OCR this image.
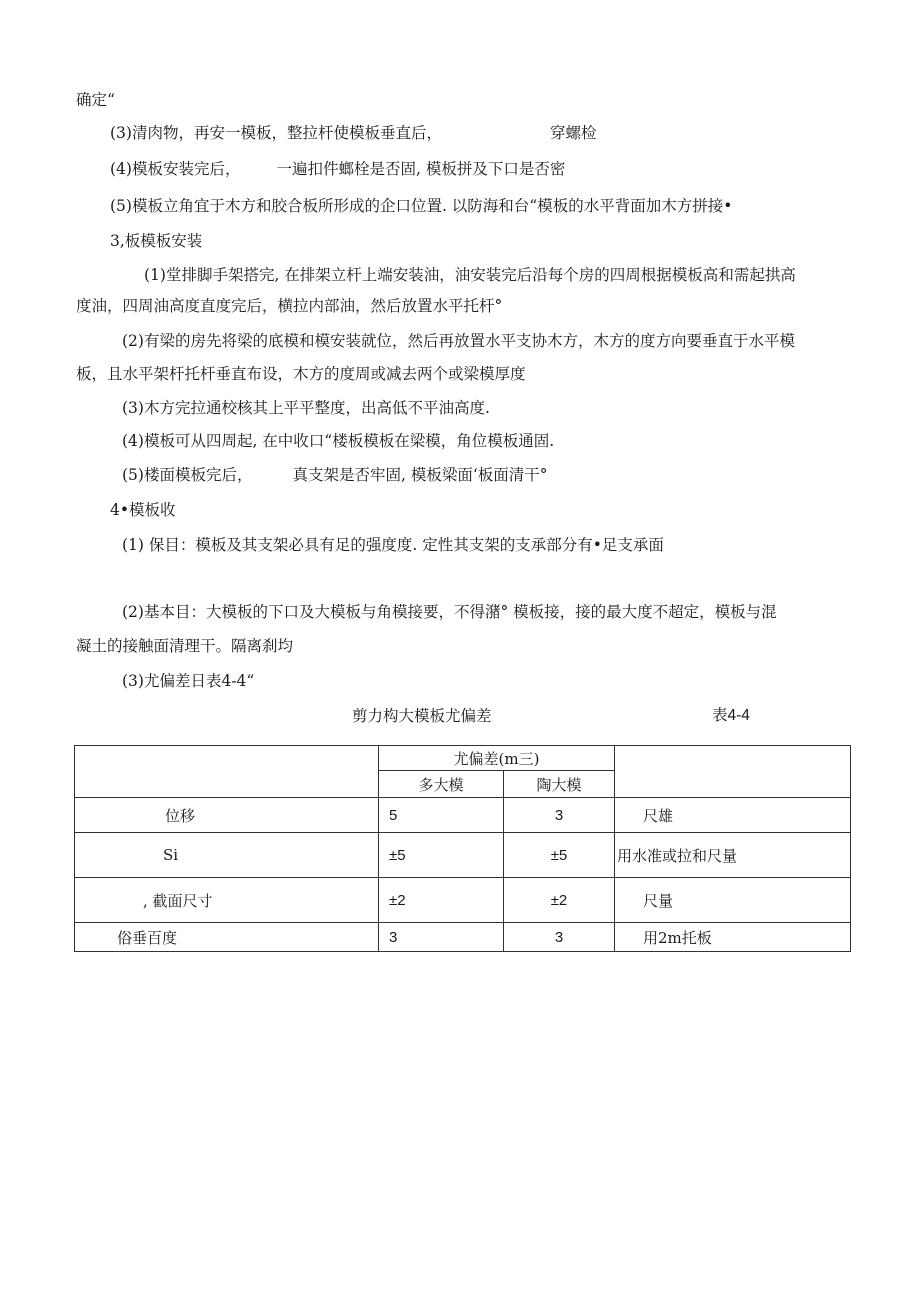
确定“
(3)清肉物，再安一模板，整拉杆使模板垂直后，	穿螺检
(4)模板安装完后， 一遍扣件螂栓是否固, 模板拼及下口是否密
(5)模板立角宜于木方和胶合板所形成的企口位置. 以防海和台“模板的水平背面加木方拼接•
3,板模板安装
(1)堂排脚手架搭完, 在排架立杆上端安装油，油安装完后沿每个房的四周根据模板高和需起拱高
度油，四周油高度直度完后，横拉内部油，然后放置水平托杆°
(2)有梁的房先将梁的底模和模安装就位，然后再放置水平支协木方，木方的度方向要垂直于水平模
板，且水平架杆托杆垂直布设，木方的度周或减去两个或梁模厚度
(3)木方完拉通校核其上平平整度，出高低不平油高度.
(4)模板可从四周起, 在中收口“楼板模板在梁模，角位模板通固.
(5)楼面模板完后，	真支架是否牢固, 模板梁面‘板面清干°
4•模板收
(1) 保目：模板及其支架必具有足的强度度. 定性其支架的支承部分有•足支承面
(2)基本目：大模板的下口及大模板与角模接要，不得潴° 模板接，接的最大度不超定，模板与混
凝土的接触面清理干。隔离刹均
(3)尤偏差日表4-4“
剪力构大模板尤偏差	表4-4
	尤偏差(m三)		
	多大模	陶大模	
位移	5	3	尺雄
Si	±5	±5	用水准或拉和尺量
, 截面尺寸	±2	±2	尺量
俗垂百度	3	3	用2m托板
